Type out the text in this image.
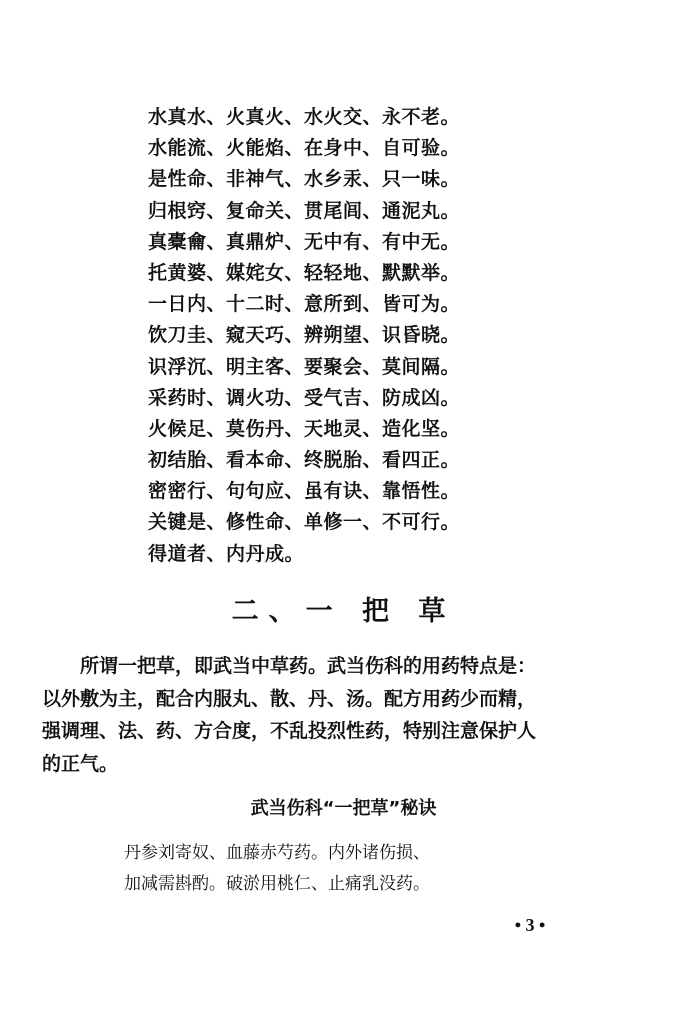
水真水、火真火、水火交、永不老。
水能流、火能焰、在身中、自可验。
是性命、非神气、水乡汞、只一味。
归根窍、复命关、贯尾闾、通泥丸。
真橐龠、真鼎炉、无中有、有中无。
托黄婆、媒姹女、轻轻地、默默举。
一日内、十二时、意所到、皆可为。
饮刀圭、窥天巧、辨朔望、识昏晓。
识浮沉、明主客、要聚会、莫间隔。
采药时、调火功、受气吉、防成凶。
火候足、莫伤丹、天地灵、造化坚。
初结胎、看本命、终脱胎、看四正。
密密行、句句应、虽有诀、靠悟性。
关键是、修性命、单修一、不可行。
得道者、内丹成。
二、一 把 草
所谓一把草，即武当中草药。武当伤科的用药特点是：
以外敷为主，配合内服丸、散、丹、汤。配方用药少而精，
强调理、法、药、方合度，不乱投烈性药，特别注意保护人
的正气。
武当伤科“一把草”秘诀
丹参刘寄奴、血藤赤芍药。内外诸伤损、
加减需斟酌。破淤用桃仁、止痛乳没药。
• 3 •
